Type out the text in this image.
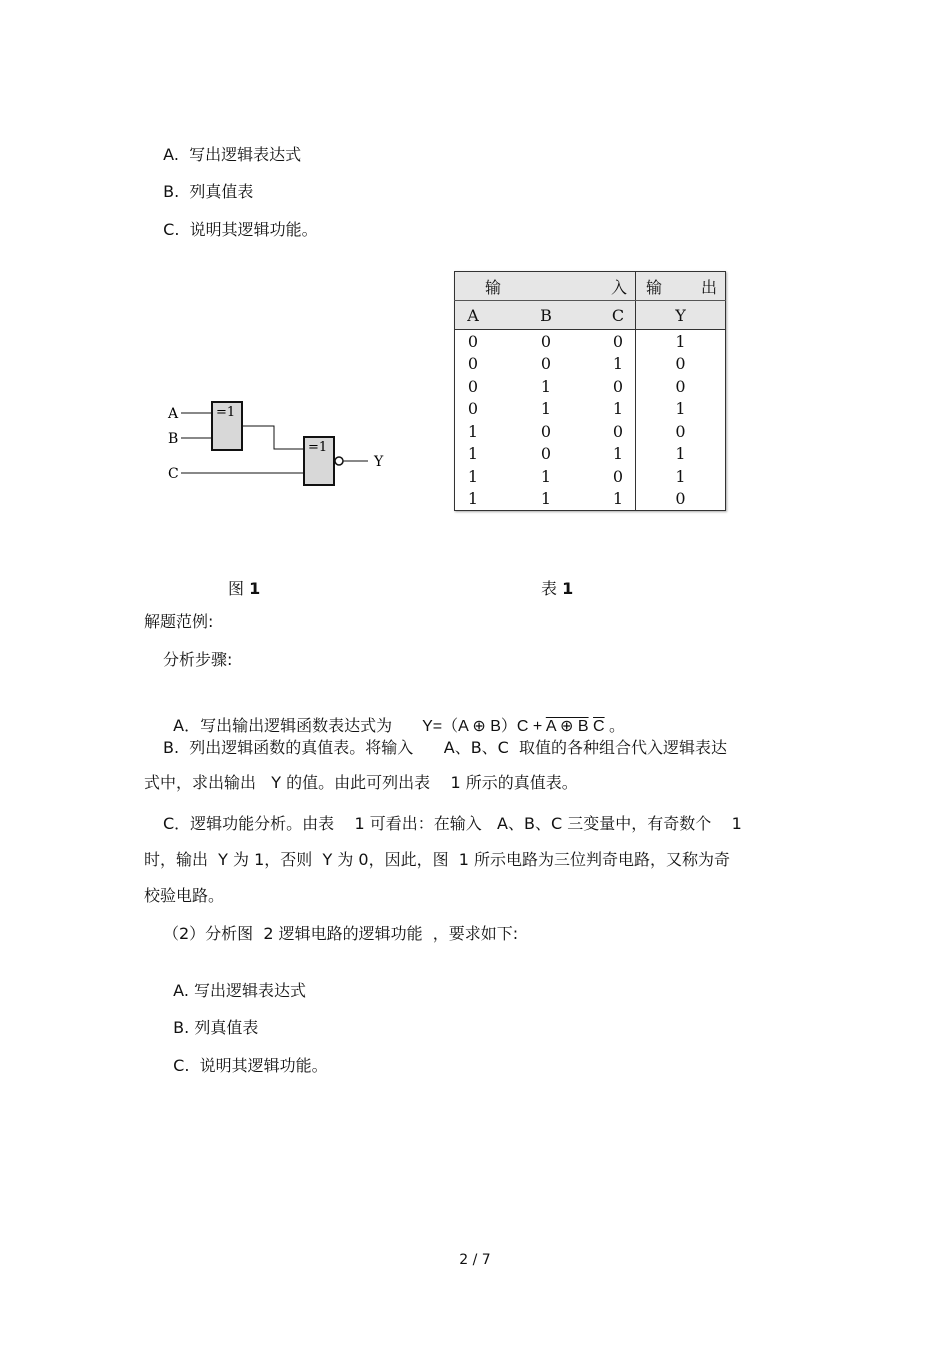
A. 写出逻辑表达式

B. 列真值表

C. 说明其逻辑功能。

=1
=1
A
B
C
Y
输 入			输 出

A	B	C	Y
0	0	0	1
0	0	1	0
0	1	0	0
0	1	1	1
1	0	0	0
1	0	1	1
1	1	0	1
1	1	1	0
图 1	表 1
解题范例:
分析步骤:

A．写出输出逻辑函数表达式为 Y=（A ⊕ B）C + A ⊕ B $\overline{C}$ 。

B.  列出逻辑函数的真值表。将输入      A、B、C  取值的各种组合代入逻辑表达
式中，求出输出   Y 的值。由此可列出表    1 所示的真值表。
C．逻辑功能分析。由表    1 可看出：在输入   A、B、C 三变量中，有奇数个    1
时，输出  Y 为 1，否则  Y 为 0，因此，图  1 所示电路为三位判奇电路，又称为奇
校验电路。
（2）分析图  2 逻辑电路的逻辑功能  ，要求如下:

A. 写出逻辑表达式

B. 列真值表

C. 说明其逻辑功能。

2 / 7
